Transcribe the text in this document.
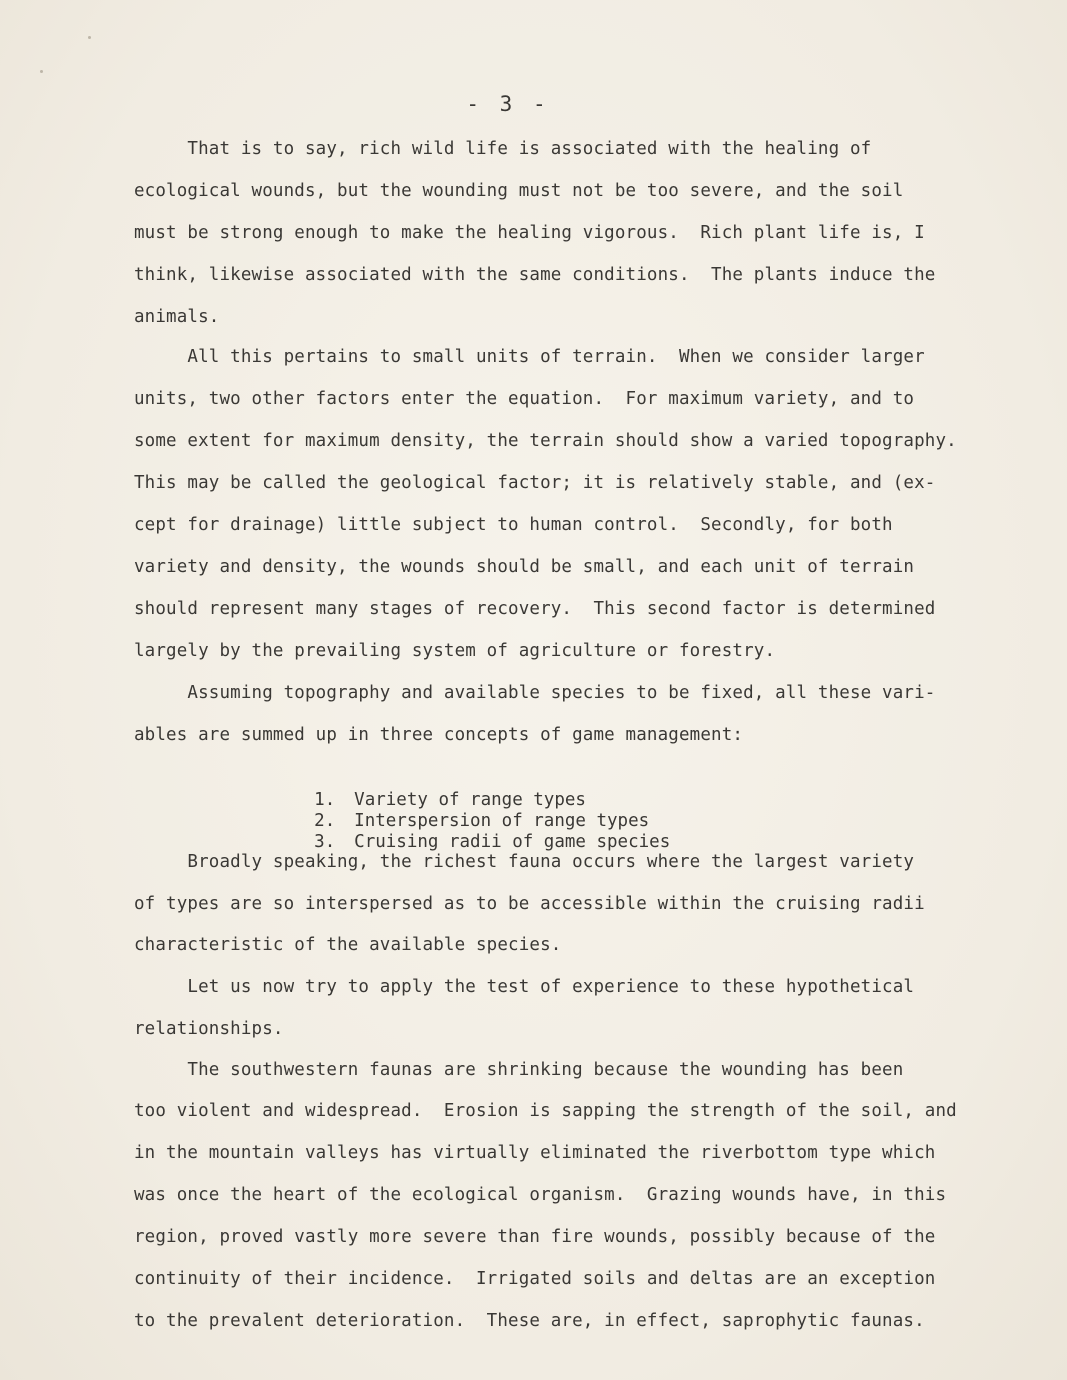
- 3 -
That is to say, rich wild life is associated with the healing of
ecological wounds, but the wounding must not be too severe, and the soil
must be strong enough to make the healing vigorous.  Rich plant life is, I
think, likewise associated with the same conditions.  The plants induce the
animals.
All this pertains to small units of terrain.  When we consider larger
units, two other factors enter the equation.  For maximum variety, and to
some extent for maximum density, the terrain should show a varied topography.
This may be called the geological factor; it is relatively stable, and (ex-
cept for drainage) little subject to human control.  Secondly, for both
variety and density, the wounds should be small, and each unit of terrain
should represent many stages of recovery.  This second factor is determined
largely by the prevailing system of agriculture or forestry.
Assuming topography and available species to be fixed, all these vari-
ables are summed up in three concepts of game management:

1. Variety of range types

2. Interspersion of range types

3. Cruising radii of game species

Broadly speaking, the richest fauna occurs where the largest variety
of types are so interspersed as to be accessible within the cruising radii
characteristic of the available species.
Let us now try to apply the test of experience to these hypothetical
relationships.
The southwestern faunas are shrinking because the wounding has been
too violent and widespread.  Erosion is sapping the strength of the soil, and
in the mountain valleys has virtually eliminated the riverbottom type which
was once the heart of the ecological organism.  Grazing wounds have, in this
region, proved vastly more severe than fire wounds, possibly because of the
continuity of their incidence.  Irrigated soils and deltas are an exception
to the prevalent deterioration.  These are, in effect, saprophytic faunas.
